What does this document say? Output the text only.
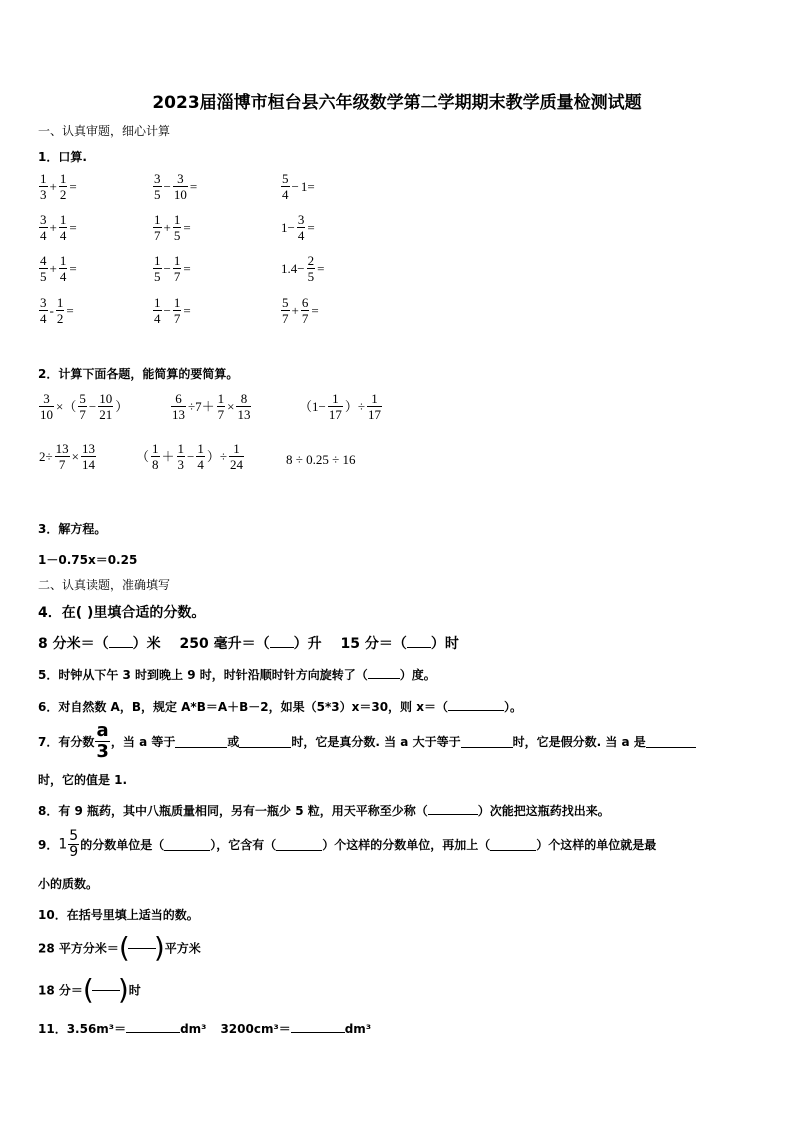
2023届淄博市桓台县六年级数学第二学期期末教学质量检测试题
一、认真审题，细心计算
1．口算.
$\frac{1}{3} + \frac{1}{2}$ =	$\frac{3}{5} - \frac{3}{10}$ =	$\frac{5}{4} - 1=$
$\frac{3}{4} + \frac{1}{4}$ =	$\frac{1}{7} + \frac{1}{5}$ =	$1- \frac{3}{4}$ =
$\frac{4}{5} + \frac{1}{4}$ =	$\frac{1}{5} - \frac{1}{7}$ =	$1.4- \frac{2}{5}$ =
$\frac{3}{4} - \frac{1}{2}$ =	$\frac{1}{4} - \frac{1}{7}$ =	$\frac{5}{7} + \frac{6}{7}$ =
2．计算下面各题，能简算的要简算。
$\frac{3}{10}$ ×（ $\frac{5}{7} - \frac{10}{21}$ ）	$\frac{6}{13} \div 7+ \frac{1}{7} \times \frac{8}{13}$	（$1- \frac{1}{17}$ ）÷ $\frac{1}{17}$
$2\div \frac{13}{7} \times \frac{13}{14}$	（ $\frac{1}{8} + \frac{1}{3} - \frac{1}{4}$ ）÷ $\frac{1}{24}$	8 ÷ 0.25 ÷ 16
3．解方程。
1－0.75x＝0.25
二、认真读题，准确填写
4．在( )里填合适的分数。
8 分米＝（ ）米 250 毫升＝（ ）升 15 分＝（ ）时
5．时钟从下午 3 时到晚上 9 时，时针沿顺时针方向旋转了（	）度。
6．对自然数 A，B，规定 A*B＝A＋B－2，如果（5*3）x＝30，则 x＝（	）。
7．有分数 $\frac{a}{3}$ ，当 a 等于	或	时，它是真分数. 当 a 大于等于	时，它是假分数. 当 a 是
时，它的值是 1.
8．有 9 瓶药，其中八瓶质量相同，另有一瓶少 5 粒，用天平称至少称（	）次能把这瓶药找出来。
9．$1 \frac{5}{9}$ 的分数单位是（	），它含有（	）个这样的分数单位，再加上（	）个这样的单位就是最
小的质数。
10．在括号里填上适当的数。
28 平方分米＝( )平方米
18 分＝( )时
11．3.56m³＝	dm³ 3200cm³＝	dm³
